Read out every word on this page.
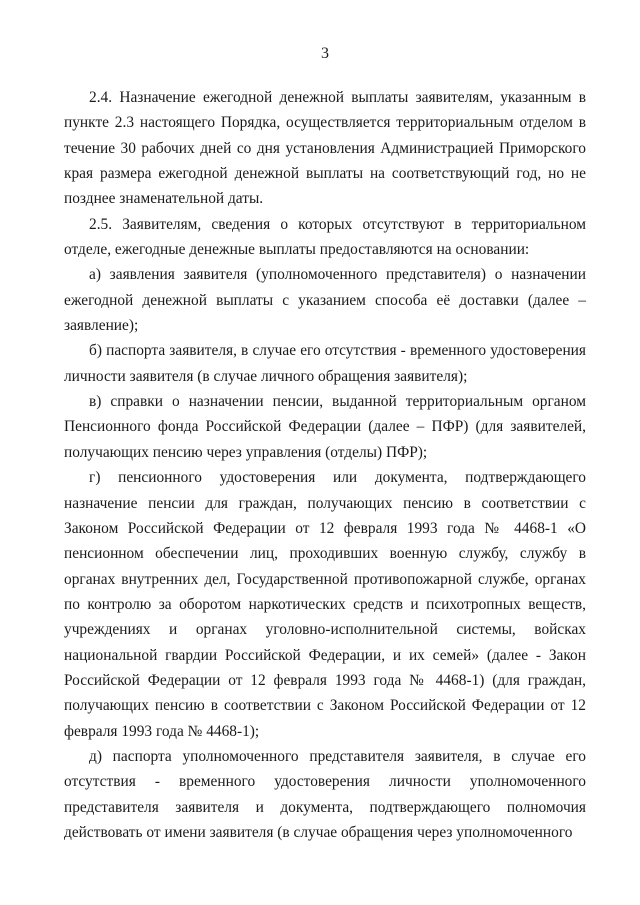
3

2.4. Назначение ежегодной денежной выплаты заявителям, указанным в пункте 2.3 настоящего Порядка, осуществляется территориальным отделом в течение 30 рабочих дней со дня установления Администрацией Приморского края размера ежегодной денежной выплаты на соответствующий год, но не позднее знаменательной даты.

2.5. Заявителям, сведения о которых отсутствуют в территориальном отделе, ежегодные денежные выплаты предоставляются на основании:

а) заявления заявителя (уполномоченного представителя) о назначении ежегодной денежной выплаты с указанием способа её доставки (далее – заявление);

б) паспорта заявителя, в случае его отсутствия - временного удостоверения личности заявителя (в случае личного обращения заявителя);

в) справки о назначении пенсии, выданной территориальным органом Пенсионного фонда Российской Федерации (далее – ПФР) (для заявителей, получающих пенсию через управления (отделы) ПФР);

г) пенсионного удостоверения или документа, подтверждающего назначение пенсии для граждан, получающих пенсию в соответствии с Законом Российской Федерации от 12 февраля 1993 года № 4468-1 «О пенсионном обеспечении лиц, проходивших военную службу, службу в органах внутренних дел, Государственной противопожарной службе, органах по контролю за оборотом наркотических средств и психотропных веществ, учреждениях и органах уголовно-исполнительной системы, войсках национальной гвардии Российской Федерации, и их семей» (далее - Закон Российской Федерации от 12 февраля 1993 года № 4468-1) (для граждан, получающих пенсию в соответствии с Законом Российской Федерации от 12 февраля 1993 года № 4468-1);

д) паспорта уполномоченного представителя заявителя, в случае его отсутствия - временного удостоверения личности уполномоченного представителя заявителя и документа, подтверждающего полномочия действовать от имени заявителя (в случае обращения через уполномоченного
